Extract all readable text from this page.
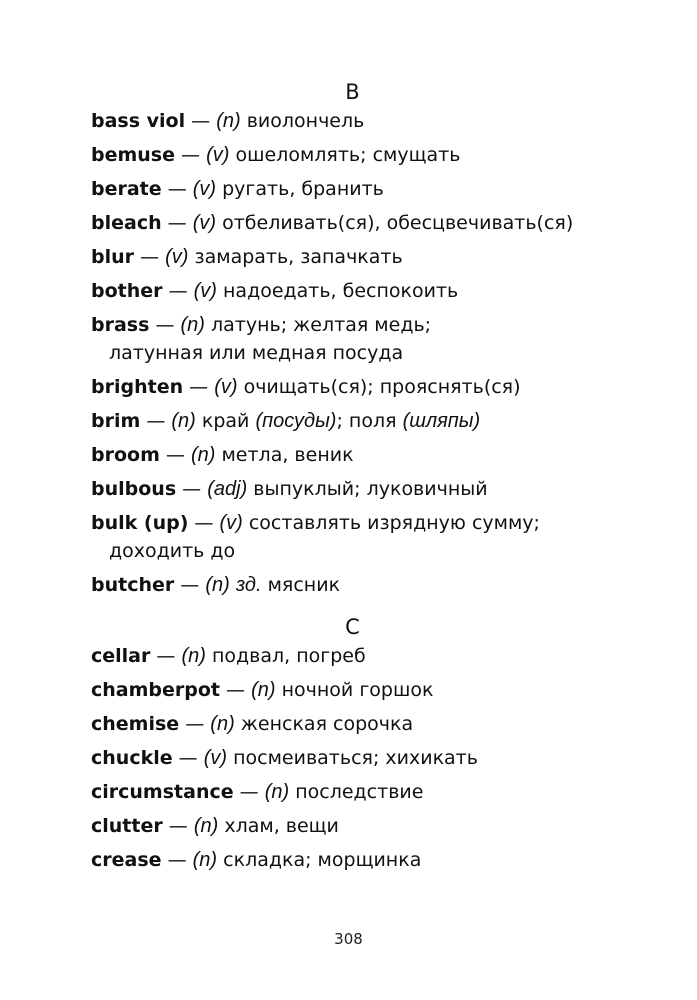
B
bass viol — (n) виолончель
bemuse — (v) ошеломлять; смущать
berate — (v) ругать, бранить
bleach — (v) отбеливать(ся), обесцвечивать(ся)
blur — (v) замарать, запачкать
bother — (v) надоедать, беспокоить
brass — (n) латунь; желтая медь;
латунная или медная посуда
brighten — (v) очищать(ся); прояснять(ся)
brim — (n) край (посуды); поля (шляпы)
broom — (n) метла, веник
bulbous — (adj) выпуклый; луковичный
bulk (up) — (v) составлять изрядную сумму;
доходить до
butcher — (n) зд. мясник
C
cellar — (n) подвал, погреб
chamberpot — (n) ночной горшок
chemise — (n) женская сорочка
chuckle — (v) посмеиваться; хихикать
circumstance — (n) последствие
clutter — (n) хлам, вещи
crease — (n) складка; морщинка
308
